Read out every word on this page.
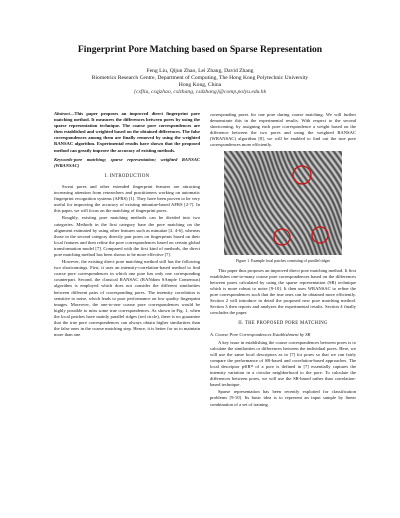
Fingerprint Pore Matching based on Sparse Representation
Feng Liu, Qijun Zhao, Lei Zhang, David Zhang
Biometrics Research Centre, Department of Computing, The Hong Kong Polytechnic University
Hong Kong, China
{csfliu, csqjzhao, cslzhang, csdzhang}@comp.polyu.edu.hk

Abstract—This paper proposes an improved direct fingerprint pore matching method. It measures the differences between pores by using the sparse representation technique. The coarse pore correspondences are then established and weighted based on the obtained differences. The false correspondences among them are finally removed by using the weighted RANSAC algorithm. Experimental results have shown that the proposed method can greatly improve the accuracy of existing methods.

Keywords-pore matching; sparse representation; weighted RANSAC (WRANSAC)

I. INTRODUCTION

Sweat pores and other extended fingerprint features are attracting increasing attention from researchers and practitioners working on automatic fingerprint recognition systems (AFRS) [1]. They have been proven to be very useful for improving the accuracy of existing minutiae-based AFRS [2-7]. In this paper, we will focus on the matching of fingerprint pores.

Roughly, existing pore matching methods can be divided into two categories. Methods in the first category base the pore matching on the alignment estimated by using other features such as minutiae [2, 4-6], whereas those in the second category directly pair pores on fingerprints based on their local features and then refine the pore correspondences based on certain global transformation model [7]. Compared with the first kind of methods, the direct pore matching method has been shown to be more effective [7].

However, the existing direct pore matching method still has the following two shortcomings. First, it uses an intensity-correlation-based method to find coarse pore correspondences in which one pore has only one corresponding counterpart. Second, the classical RANSAC (RANdom SAmple Consensus) algorithm is employed which does not consider the different similarities between different pairs of corresponding pores. The intensity correlation is sensitive to noise, which leads to poor performance on low quality fingerprint images. Moreover, the one-to-one coarse pore correspondences would be highly possible to miss some true correspondences. As shown in Fig. 1, when the local patches have mainly parallel ridges (red circle), there is no guarantee that the true pore correspondences can always obtain higher similarities than the false ones in the coarse matching step. Hence, it is better for us to maintain more than one

corresponding pores for one pore during coarse matching. We will further demonstrate this in the experimental results. With respect to the second shortcoming, by assigning each pore correspondence a weight based on the difference between the two pores and using the weighted RANSAC (WRANSAC) algorithm [8], we will be enabled to find out the true pore correspondences more efficiently.

Figure 1. Example local patches consisting of parallel ridges

This paper thus proposes an improved direct pore matching method. It first establishes one-to-many coarse pore correspondences based on the differences between pores calculated by using the sparse representation (SR) technique which is more robust to noise [9-10]. It then uses WRANSAC to refine the pore correspondences such that the true ones can be obtained more efficiently. Section 2 will introduce in detail the proposed new pore matching method. Section 3 then reports and analyzes the experimental results. Section 4 finally concludes the paper.

II. THE PROPOSED PORE MATCHING
A. Coarse Pore Correspondences Establishment by SR

A key issue in establishing the coarse correspondences between pores is to calculate the similarities or differences between the individual pores. Here, we will use the same local descriptors as in [7] for pores so that we can fairly compare the performance of SR-based and correlation-based approaches. The local descriptor p∈Rᴹ of a pore is defined in [7] essentially captures the intensity variation in a circular neighborhood to the pore. To calculate the differences between pores, we will use the SR-based rather than correlation-based technique.

Sparse representation has been recently exploited for classification problems [9-10]. Its basic idea is to represent an input sample by linear combination of a set of training
